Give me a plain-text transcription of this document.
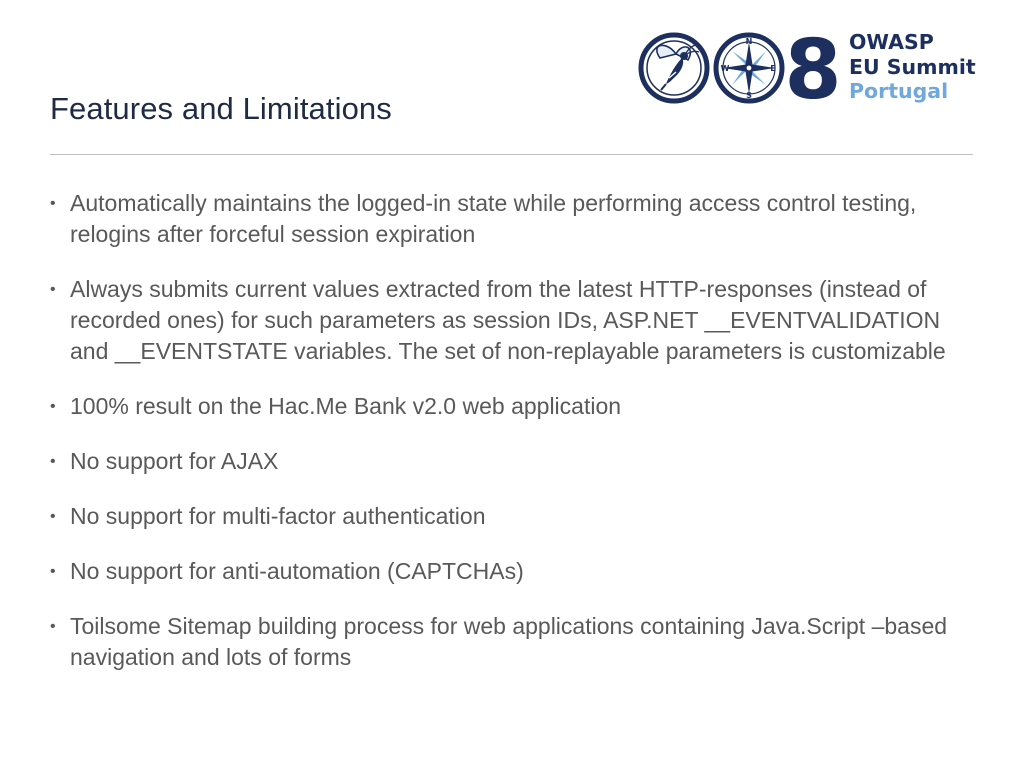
Features and Limitations
N
S
E
W 8 OWASP
EU Summit
Portugal
• Automatically maintains the logged-in state while performing access control testing, relogins after forceful session expiration
• Always submits current values extracted from the latest HTTP-responses (instead of recorded ones) for such parameters as session IDs, ASP.NET __EVENTVALIDATION and __EVENTSTATE variables. The set of non-replayable parameters is customizable
• 100% result on the Hac.Me Bank v2.0 web application
• No support for AJAX
• No support for multi-factor authentication
• No support for anti-automation (CAPTCHAs)
• Toilsome Sitemap building process for web applications containing Java.Script –based navigation and lots of forms
